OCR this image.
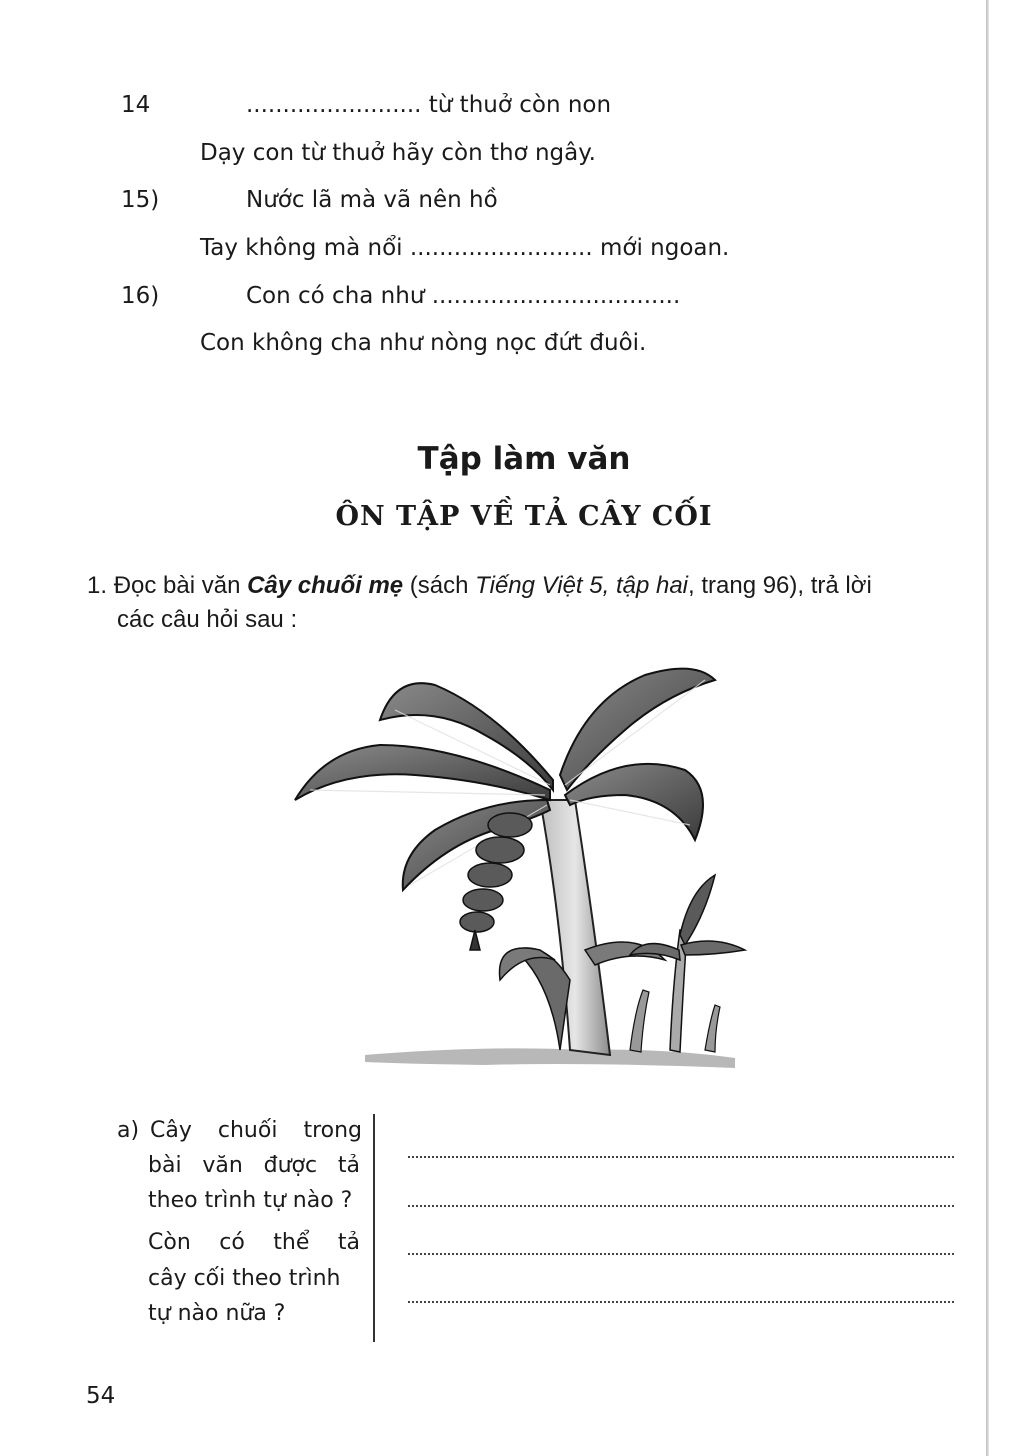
14	........................ từ thuở còn non
Dạy con từ thuở hãy còn thơ ngây.
15)	Nước lã mà vã nên hồ
Tay không mà nổi ......................... mới ngoan.
16)	Con có cha như ..................................
Con không cha như nòng nọc đứt đuôi.
Tập làm văn
ÔN TẬP VỀ TẢ CÂY CỐI
1. Đọc bài văn Cây chuối mẹ (sách Tiếng Việt 5, tập hai, trang 96), trả lời
các câu hỏi sau :
a) Cây chuối trong
bài văn được tả
theo trình tự nào ?
Còn có thể tả
cây cối theo trình
tự nào nữa ?
54
